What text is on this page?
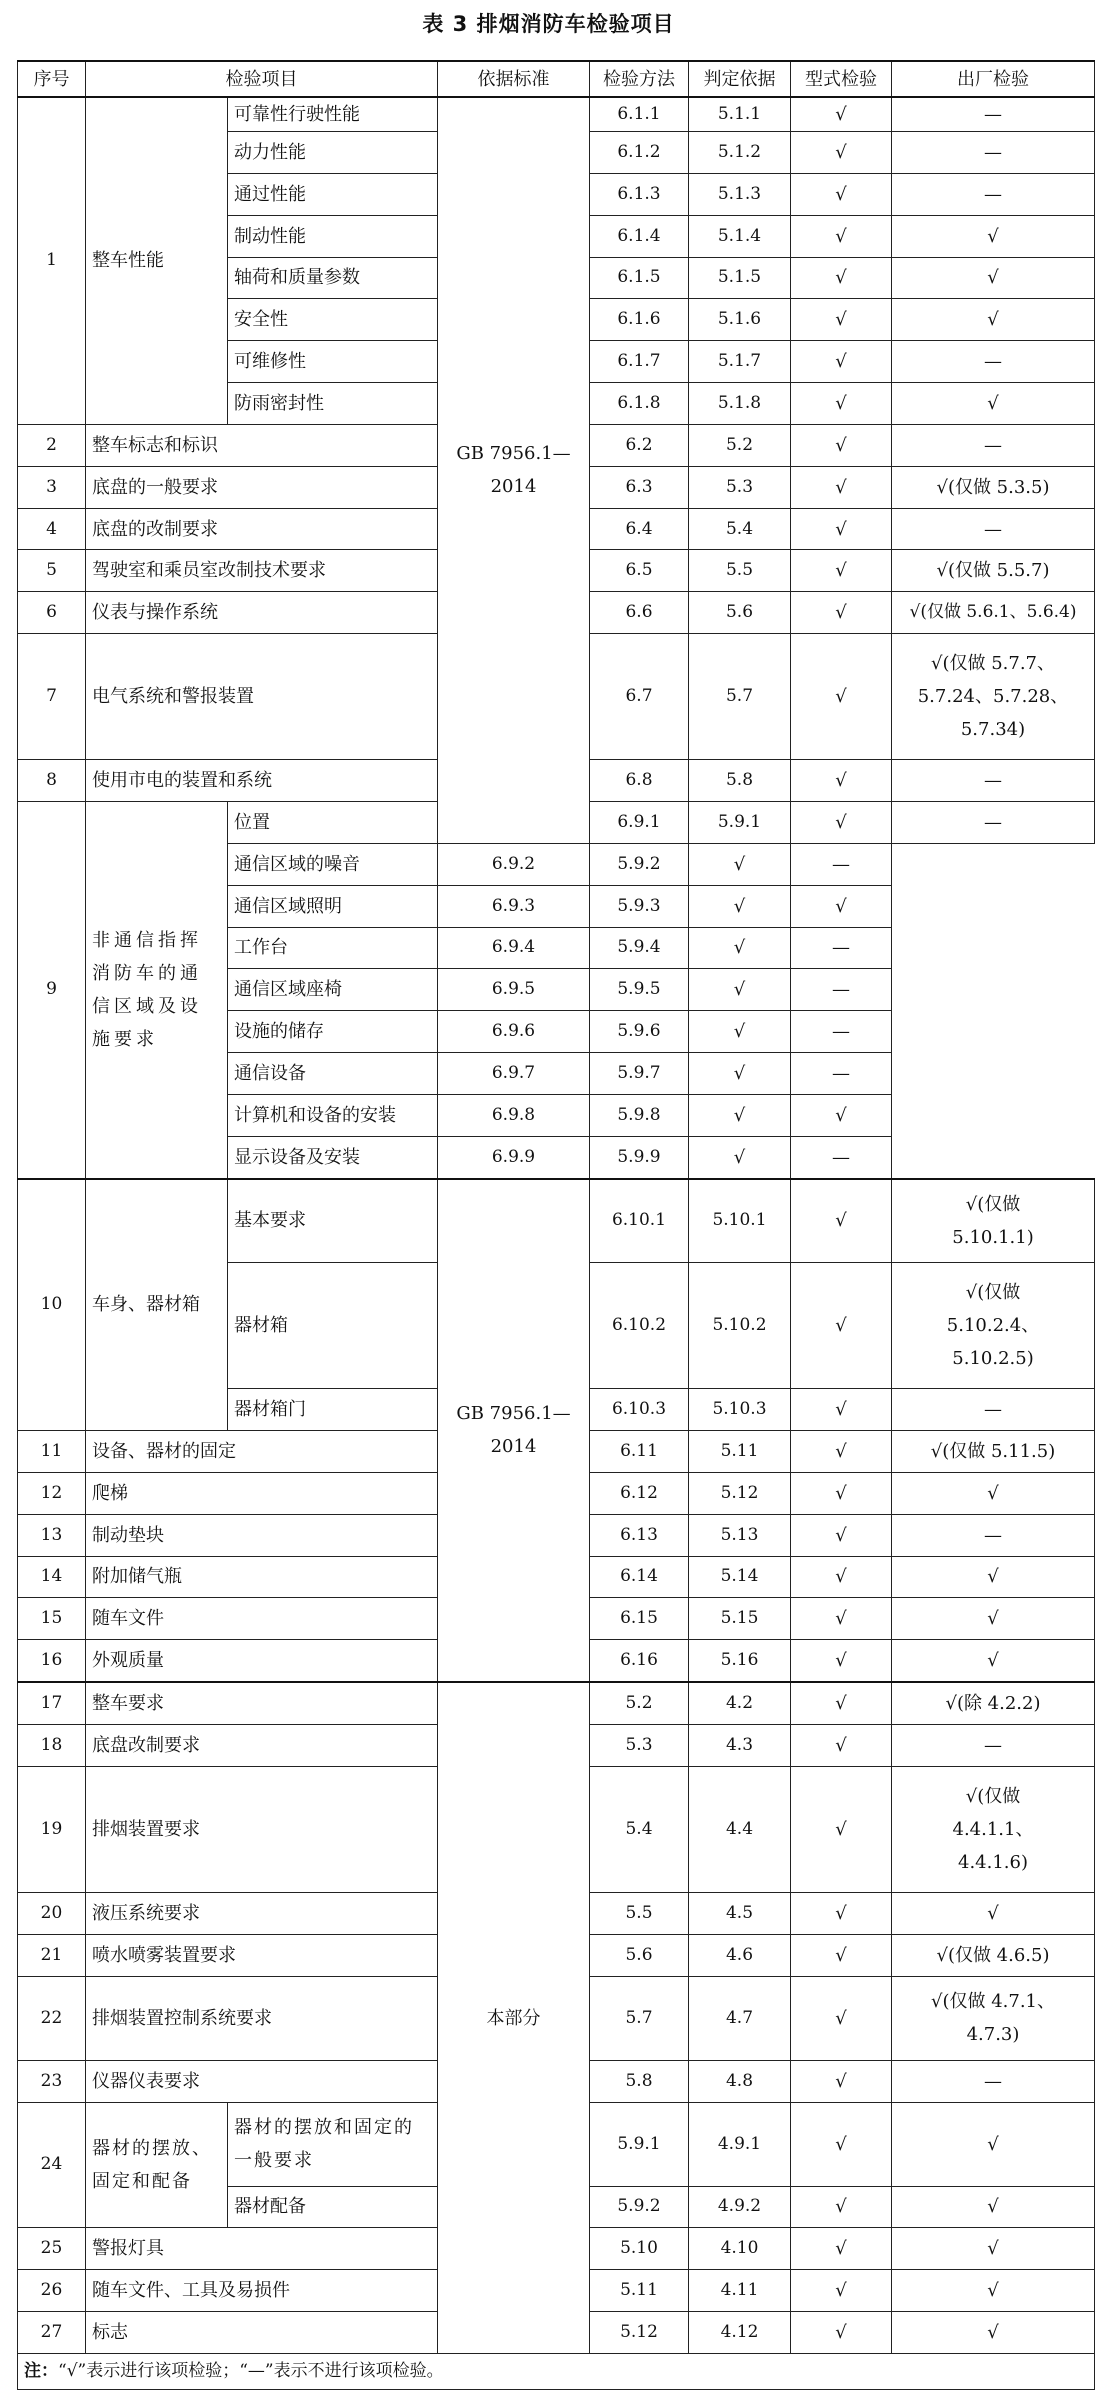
表 3 排烟消防车检验项目
序号	检验项目		依据标准	检验方法	判定依据	型式检验	出厂检验
1	整车性能	可靠性行驶性能	GB 7956.1—2014	6.1.1	5.1.1	√	—
		动力性能		6.1.2	5.1.2	√	—
		通过性能		6.1.3	5.1.3	√	—
		制动性能		6.1.4	5.1.4	√	√
		轴荷和质量参数		6.1.5	5.1.5	√	√
		安全性		6.1.6	5.1.6	√	√
		可维修性		6.1.7	5.1.7	√	—
		防雨密封性		6.1.8	5.1.8	√	√
2	整车标志和标识			6.2	5.2	√	—
3	底盘的一般要求			6.3	5.3	√	√(仅做 5.3.5)
4	底盘的改制要求			6.4	5.4	√	—
5	驾驶室和乘员室改制技术要求			6.5	5.5	√	√(仅做 5.5.7)
6	仪表与操作系统			6.6	5.6	√	√(仅做 5.6.1、5.6.4)
7	电气系统和警报装置			6.7	5.7	√	√(仅做 5.7.7、5.7.24、5.7.28、5.7.34)
8	使用市电的装置和系统			6.8	5.8	√	—
9	非通信指挥消防车的通信区域及设施要求	位置		6.9.1	5.9.1	√	—
		通信区域的噪音	6.9.2	5.9.2	√	—	
		通信区域照明	6.9.3	5.9.3	√	√	
		工作台	6.9.4	5.9.4	√	—	
		通信区域座椅	6.9.5	5.9.5	√	—	
		设施的储存	6.9.6	5.9.6	√	—	
		通信设备	6.9.7	5.9.7	√	—	
		计算机和设备的安装	6.9.8	5.9.8	√	√	
		显示设备及安装	6.9.9	5.9.9	√	—	
10	车身、器材箱	基本要求	GB 7956.1—2014	6.10.1	5.10.1	√	√(仅做 5.10.1.1)
		器材箱		6.10.2	5.10.2	√	√(仅做 5.10.2.4、5.10.2.5)
		器材箱门		6.10.3	5.10.3	√	—
11	设备、器材的固定			6.11	5.11	√	√(仅做 5.11.5)
12	爬梯			6.12	5.12	√	√
13	制动垫块			6.13	5.13	√	—
14	附加储气瓶			6.14	5.14	√	√
15	随车文件			6.15	5.15	√	√
16	外观质量			6.16	5.16	√	√
17	整车要求		本部分	5.2	4.2	√	√(除 4.2.2)
18	底盘改制要求			5.3	4.3	√	—
19	排烟装置要求			5.4	4.4	√	√(仅做 4.4.1.1、4.4.1.6)
20	液压系统要求			5.5	4.5	√	√
21	喷水喷雾装置要求			5.6	4.6	√	√(仅做 4.6.5)
22	排烟装置控制系统要求			5.7	4.7	√	√(仅做 4.7.1、4.7.3)
23	仪器仪表要求			5.8	4.8	√	—
24	器材的摆放、固定和配备	器材的摆放和固定的一般要求		5.9.1	4.9.1	√	√
		器材配备		5.9.2	4.9.2	√	√
25	警报灯具			5.10	4.10	√	√
26	随车文件、工具及易损件			5.11	4.11	√	√
27	标志			5.12	4.12	√	√
注：“√”表示进行该项检验；“—”表示不进行该项检验。							
